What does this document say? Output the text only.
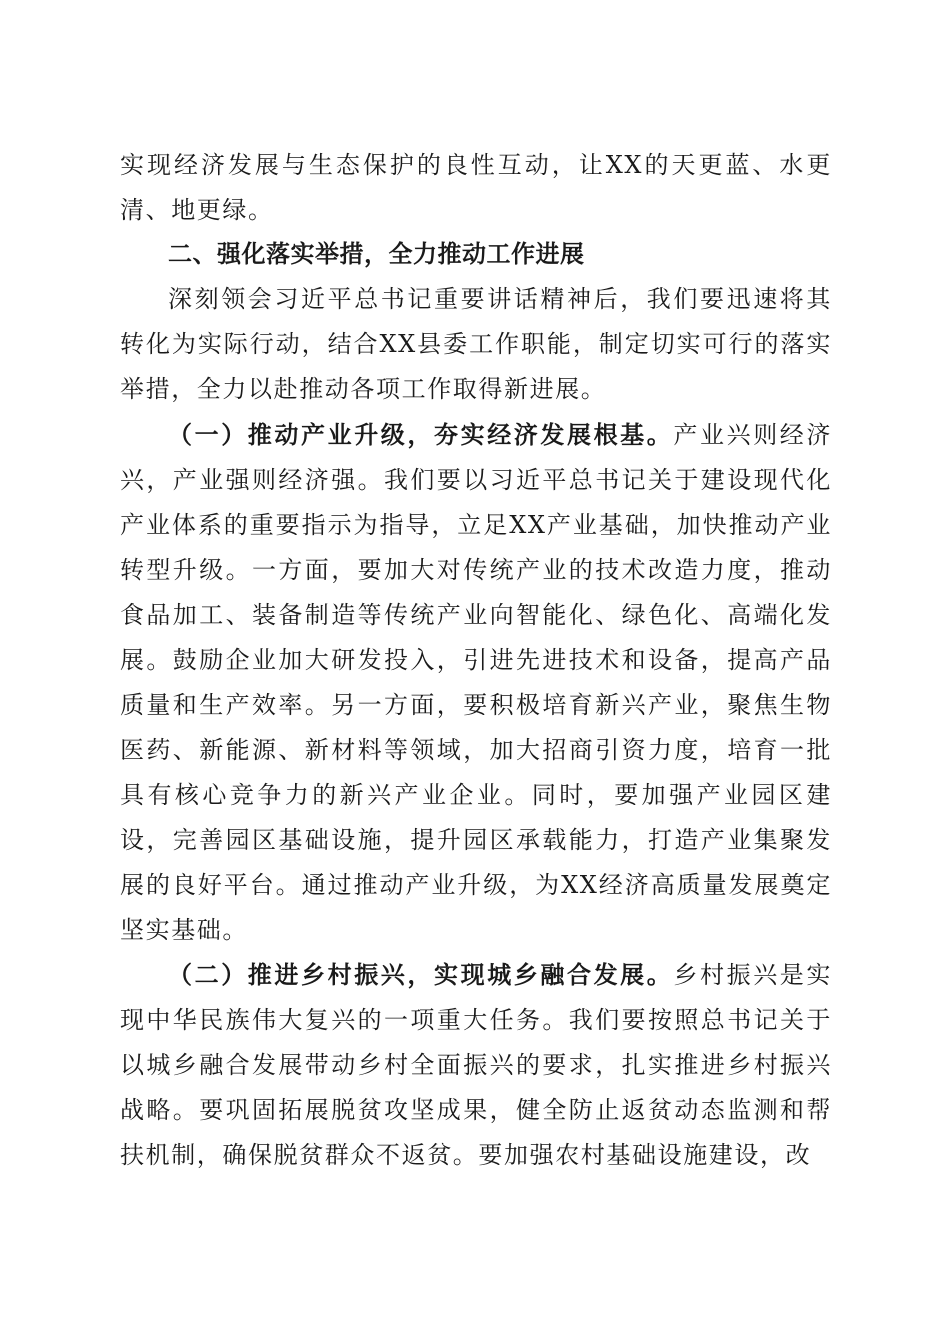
实现经济发展与生态保护的良性互动，让XX的天更蓝、水更清、地更绿。

二、强化落实举措，全力推动工作进展

深刻领会习近平总书记重要讲话精神后，我们要迅速将其转化为实际行动，结合XX县委工作职能，制定切实可行的落实举措，全力以赴推动各项工作取得新进展。

（一）推动产业升级，夯实经济发展根基。产业兴则经济兴，产业强则经济强。我们要以习近平总书记关于建设现代化产业体系的重要指示为指导，立足XX产业基础，加快推动产业转型升级。一方面，要加大对传统产业的技术改造力度，推动食品加工、装备制造等传统产业向智能化、绿色化、高端化发展。鼓励企业加大研发投入，引进先进技术和设备，提高产品质量和生产效率。另一方面，要积极培育新兴产业，聚焦生物医药、新能源、新材料等领域，加大招商引资力度，培育一批具有核心竞争力的新兴产业企业。同时，要加强产业园区建设，完善园区基础设施，提升园区承载能力，打造产业集聚发展的良好平台。通过推动产业升级，为XX经济高质量发展奠定坚实基础。

（二）推进乡村振兴，实现城乡融合发展。乡村振兴是实现中华民族伟大复兴的一项重大任务。我们要按照总书记关于以城乡融合发展带动乡村全面振兴的要求，扎实推进乡村振兴战略。要巩固拓展脱贫攻坚成果，健全防止返贫动态监测和帮扶机制，确保脱贫群众不返贫。要加强农村基础设施建设，改
